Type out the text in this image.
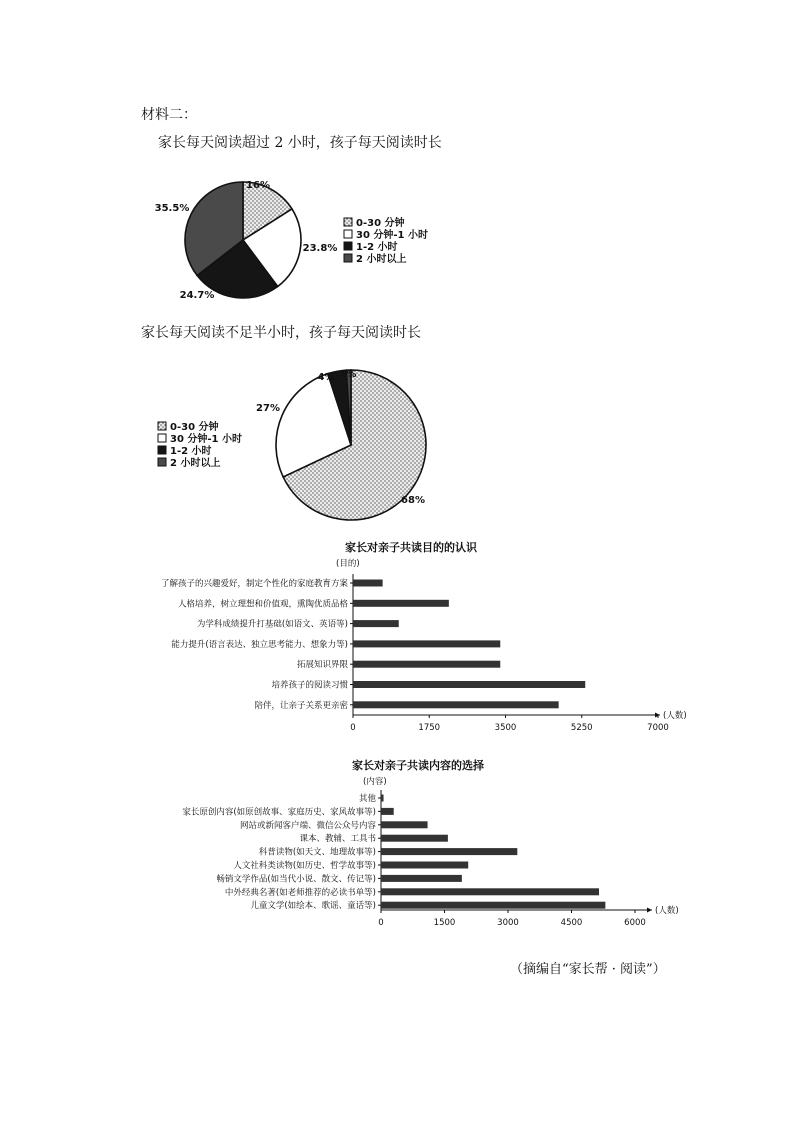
材料二：
家长每天阅读超过 2 小时，孩子每天阅读时长
家长每天阅读不足半小时，孩子每天阅读时长
（摘编自“家长帮 · 阅读”）
16%
23.8%
24.7%
35.5%
0-30 分钟
30 分钟-1 小时
1-2 小时
2 小时以上
68%
27%
4% 1%
0-30 分钟
30 分钟-1 小时
1-2 小时
2 小时以上
家长对亲子共读目的的认识
(目的)
0	1750	3500	5250	7000
(人数)
了解孩子的兴趣爱好，制定个性化的家庭教育方案
人格培养，树立理想和价值观，熏陶优质品格
为学科成绩提升打基础(如语文、英语等)
能力提升(语言表达、独立思考能力、想象力等)
拓展知识界限
培养孩子的阅读习惯
陪伴，让亲子关系更亲密
家长对亲子共读内容的选择
(内容)
0	1500	3000	4500	6000
(人数)
其他
家长原创内容(如原创故事、家庭历史、家风故事等)
网站或新闻客户端、微信公众号内容
课本、教辅、工具书
科普读物(如天文、地理故事等)
人文社科类读物(如历史、哲学故事等)
畅销文学作品(如当代小说、散文、传记等)
中外经典名著(如老师推荐的必读书单等)
儿童文学(如绘本、歌谣、童话等)
